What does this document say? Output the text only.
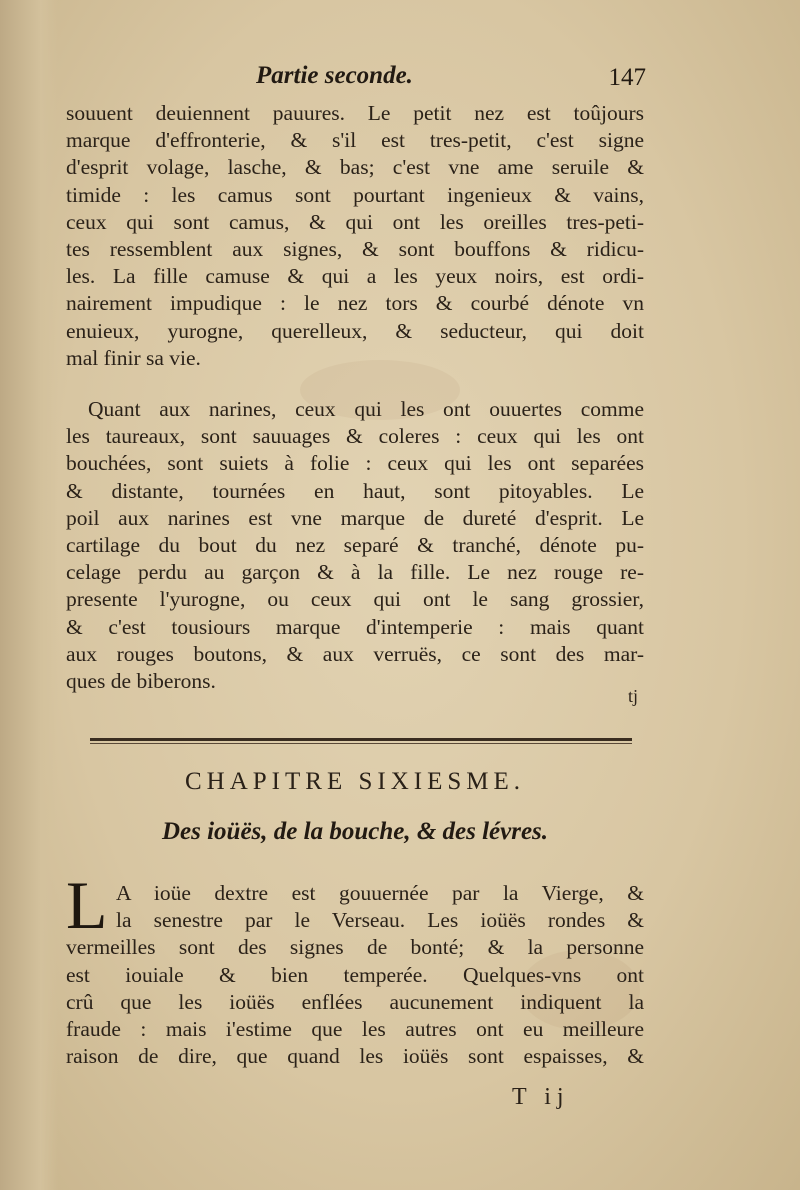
Partie seconde.	147
souuent deuiennent pauures. Le petit nez est toûjours
marque d'effronterie, & s'il est tres-petit, c'est signe
d'esprit volage, lasche, & bas; c'est vne ame seruile &
timide : les camus sont pourtant ingenieux & vains,
ceux qui sont camus, & qui ont les oreilles tres-peti-
tes ressemblent aux signes, & sont bouffons & ridicu-
les. La fille camuse & qui a les yeux noirs, est ordi-
nairement impudique : le nez tors & courbé dénote vn
enuieux, yurogne, querelleux, & seducteur, qui doit
mal finir sa vie.
Quant aux narines, ceux qui les ont ouuertes comme
les taureaux, sont sauuages & coleres : ceux qui les ont
bouchées, sont suiets à folie : ceux qui les ont separées
& distante, tournées en haut, sont pitoyables. Le
poil aux narines est vne marque de dureté d'esprit. Le
cartilage du bout du nez separé & tranché, dénote pu-
celage perdu au garçon & à la fille. Le nez rouge re-
presente l'yurogne, ou ceux qui ont le sang grossier,
& c'est tousiours marque d'intemperie : mais quant
aux rouges boutons, & aux verruës, ce sont des mar-
ques de biberons.
tj
CHAPITRE SIXIESME.
Des ioüës, de la bouche, & des lévres.
L A ioüe dextre est gouuernée par la Vierge, &
la senestre par le Verseau. Les ioüës rondes &
vermeilles sont des signes de bonté; & la personne
est iouiale & bien temperée. Quelques-vns ont
crû que les ioüës enflées aucunement indiquent la
fraude : mais i'estime que les autres ont eu meilleure
raison de dire, que quand les ioüës sont espaisses, &
T ij
